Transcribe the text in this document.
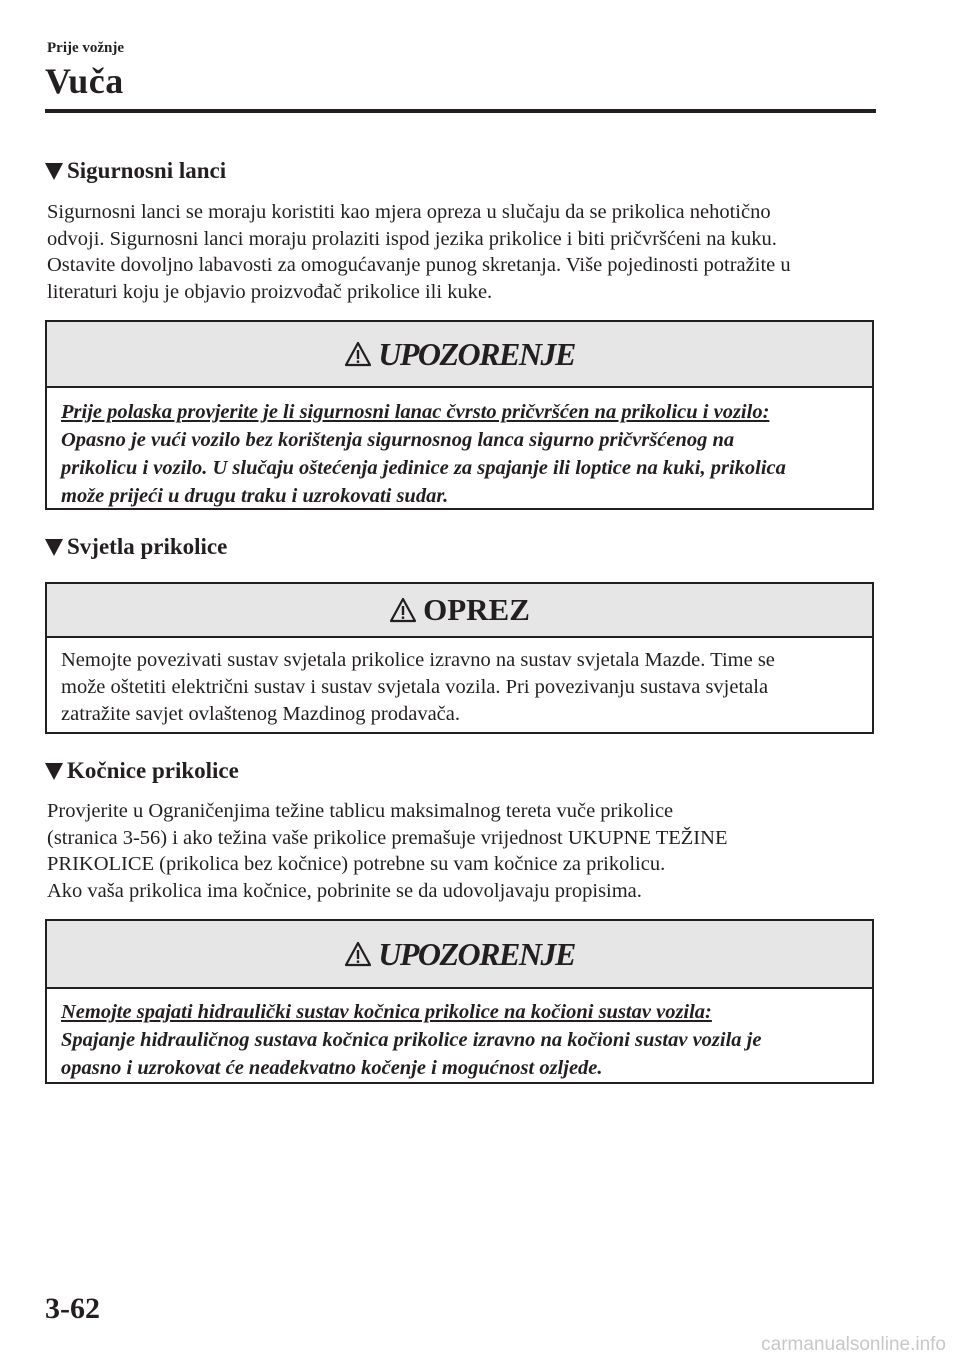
Prije vožnje
Vuča
Sigurnosni lanci

Sigurnosni lanci se moraju koristiti kao mjera opreza u slučaju da se prikolica nehotično
odvoji. Sigurnosni lanci moraju prolaziti ispod jezika prikolice i biti pričvršćeni na kuku.
Ostavite dovoljno labavosti za omogućavanje punog skretanja. Više pojedinosti potražite u
literaturi koju je objavio proizvođač prikolice ili kuke.

UPOZORENJE
Prije polaska provjerite je li sigurnosni lanac čvrsto pričvršćen na prikolicu i vozilo:
Opasno je vući vozilo bez korištenja sigurnosnog lanca sigurno pričvršćenog na
prikolicu i vozilo. U slučaju oštećenja jedinice za spajanje ili loptice na kuki, prikolica
može prijeći u drugu traku i uzrokovati sudar.
Svjetla prikolice
OPREZ
Nemojte povezivati sustav svjetala prikolice izravno na sustav svjetala Mazde. Time se
može oštetiti električni sustav i sustav svjetala vozila. Pri povezivanju sustava svjetala
zatražite savjet ovlaštenog Mazdinog prodavača.
Kočnice prikolice

Provjerite u Ograničenjima težine tablicu maksimalnog tereta vuče prikolice
(stranica 3-56) i ako težina vaše prikolice premašuje vrijednost UKUPNE TEŽINE
PRIKOLICE (prikolica bez kočnice) potrebne su vam kočnice za prikolicu.
Ako vaša prikolica ima kočnice, pobrinite se da udovoljavaju propisima.

UPOZORENJE
Nemojte spajati hidraulički sustav kočnica prikolice na kočioni sustav vozila:
Spajanje hidrauličnog sustava kočnica prikolice izravno na kočioni sustav vozila je
opasno i uzrokovat će neadekvatno kočenje i mogućnost ozljede.
3-62
carmanualsonline.info
